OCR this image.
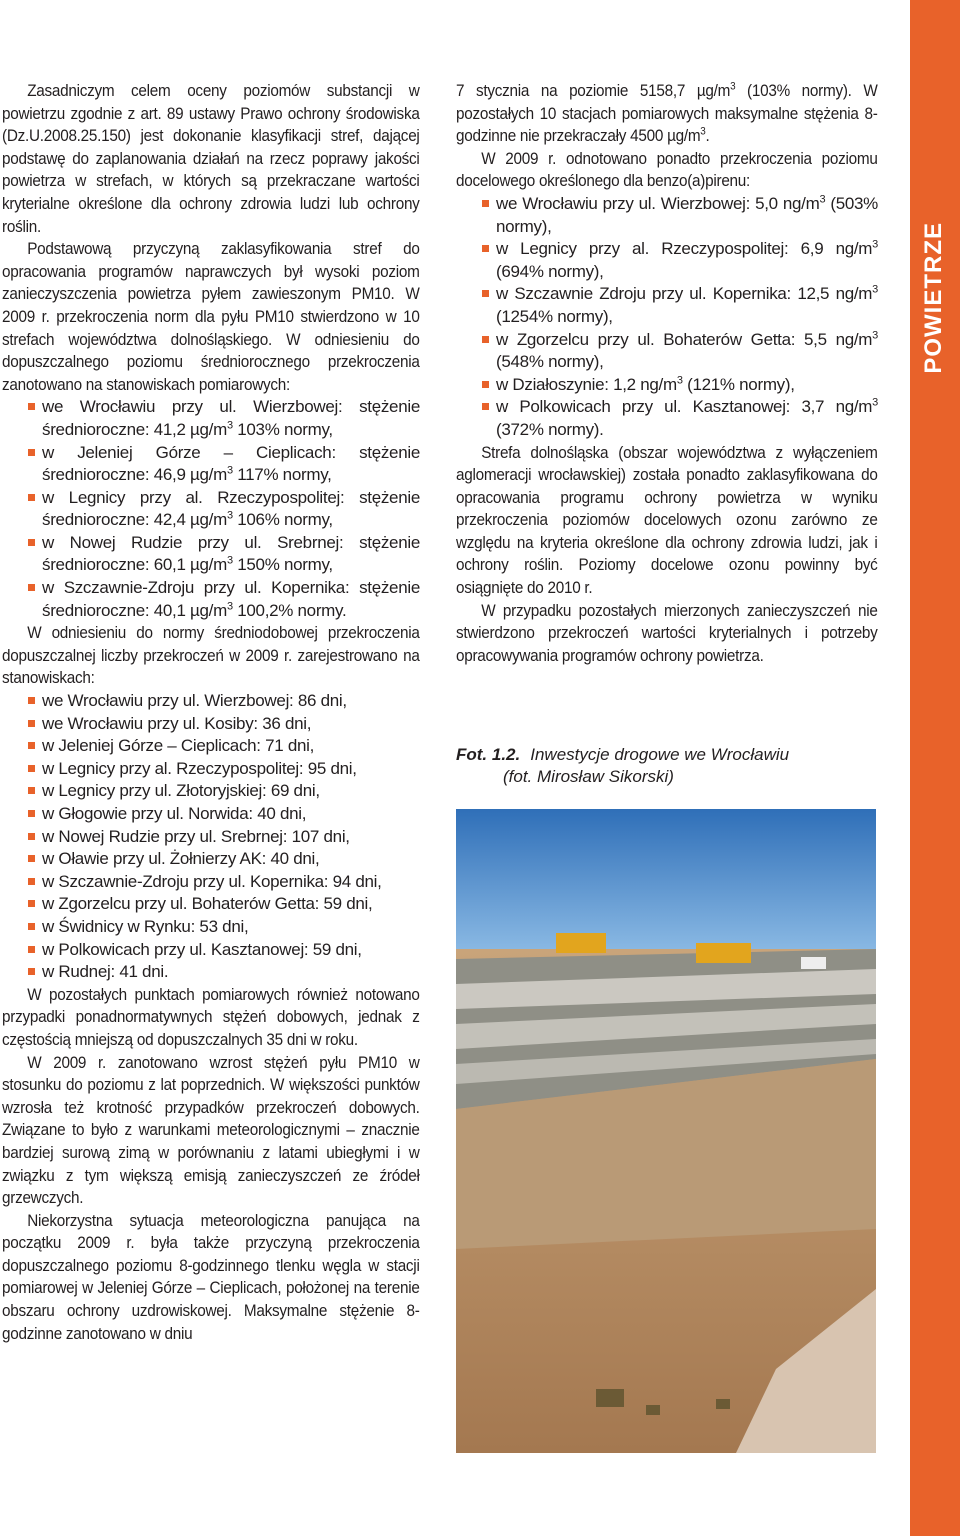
POWIETRZE

Zasadniczym celem oceny poziomów substancji w powietrzu zgodnie z art. 89 ustawy Prawo ochrony środowiska (Dz.U.2008.25.150) jest dokonanie klasyfikacji stref, dającej podstawę do zaplanowania działań na rzecz poprawy jakości powietrza w strefach, w których są przekraczane wartości kryterialne określone dla ochrony zdrowia ludzi lub ochrony roślin.

Podstawową przyczyną zaklasyfikowania stref do opracowania programów naprawczych był wysoki poziom zanieczyszczenia powietrza pyłem zawieszonym PM10. W 2009 r. przekroczenia norm dla pyłu PM10 stwierdzono w 10 strefach województwa dolnośląskiego. W odniesieniu do dopuszczalnego poziomu średniorocznego przekroczenia zanotowano na stanowiskach pomiarowych:

we Wrocławiu przy ul. Wierzbowej: stężenie średnioroczne: 41,2 $\mu g/m^3$ 103% normy,
w Jeleniej Górze – Cieplicach: stężenie średnioroczne: 46,9 $\mu g/m^3$ 117% normy,
w Legnicy przy al. Rzeczypospolitej: stężenie średnioroczne: 42,4 $\mu g/m^3$ 106% normy,
w Nowej Rudzie przy ul. Srebrnej: stężenie średnioroczne: 60,1 $\mu g/m^3$ 150% normy,
w Szczawnie-Zdroju przy ul. Kopernika: stężenie średnioroczne: 40,1 $\mu g/m^3$ 100,2% normy.

W odniesieniu do normy średniodobowej przekroczenia dopuszczalnej liczby przekroczeń w 2009 r. zarejestrowano na stanowiskach:

we Wrocławiu przy ul. Wierzbowej: 86 dni,
we Wrocławiu przy ul. Kosiby: 36 dni,
w Jeleniej Górze – Cieplicach: 71 dni,
w Legnicy przy al. Rzeczypospolitej: 95 dni,
w Legnicy przy ul. Złotoryjskiej: 69 dni,
w Głogowie przy ul. Norwida: 40 dni,
w Nowej Rudzie przy ul. Srebrnej: 107 dni,
w Oławie przy ul. Żołnierzy AK: 40 dni,
w Szczawnie-Zdroju przy ul. Kopernika: 94 dni,
w Zgorzelcu przy ul. Bohaterów Getta: 59 dni,
w Świdnicy w Rynku: 53 dni,
w Polkowicach przy ul. Kasztanowej: 59 dni,
w Rudnej: 41 dni.

W pozostałych punktach pomiarowych również notowano przypadki ponadnormatywnych stężeń dobowych, jednak z częstością mniejszą od dopuszczalnych 35 dni w roku.

W 2009 r. zanotowano wzrost stężeń pyłu PM10 w stosunku do poziomu z lat poprzednich. W większości punktów wzrosła też krotność przypadków przekroczeń dobowych. Związane to było z warunkami meteorologicznymi – znacznie bardziej surową zimą w porównaniu z latami ubiegłymi i w związku z tym większą emisją zanieczyszczeń ze źródeł grzewczych.

Niekorzystna sytuacja meteorologiczna panująca na początku 2009 r. była także przyczyną przekroczenia dopuszczalnego poziomu 8-godzinnego tlenku węgla w stacji pomiarowej w Jeleniej Górze – Cieplicach, położonej na terenie obszaru ochrony uzdrowiskowej. Maksymalne stężenie 8-godzinne zanotowano w dniu

7 stycznia na poziomie 5158,7 $\mu g/m^3$ (103% normy). W pozostałych 10 stacjach pomiarowych maksymalne stężenia 8-godzinne nie przekraczały 4500 $\mu g/m^3$.

W 2009 r. odnotowano ponadto przekroczenia poziomu docelowego określonego dla benzo(a)pirenu:

we Wrocławiu przy ul. Wierzbowej: 5,0 $ng/m^3$ (503% normy),
w Legnicy przy al. Rzeczypospolitej: 6,9 $ng/m^3$ (694% normy),
w Szczawnie Zdroju przy ul. Kopernika: 12,5 $ng/m^3$ (1254% normy),
w Zgorzelcu przy ul. Bohaterów Getta: 5,5 $ng/m^3$ (548% normy),
w Działoszynie: 1,2 $ng/m^3$ (121% normy),
w Polkowicach przy ul. Kasztanowej: 3,7 $ng/m^3$ (372% normy).

Strefa dolnośląska (obszar województwa z wyłączeniem aglomeracji wrocławskiej) została ponadto zaklasyfikowana do opracowania programu ochrony powietrza w wyniku przekroczenia poziomów docelowych ozonu zarówno ze względu na kryteria określone dla ochrony zdrowia ludzi, jak i ochrony roślin. Poziomy docelowe ozonu powinny być osiągnięte do 2010 r.

W przypadku pozostałych mierzonych zanieczyszczeń nie stwierdzono przekroczeń wartości kryterialnych i potrzeby opracowywania programów ochrony powietrza.

Fot. 1.2. Inwestycje drogowe we Wrocławiu
(fot. Mirosław Sikorski)
